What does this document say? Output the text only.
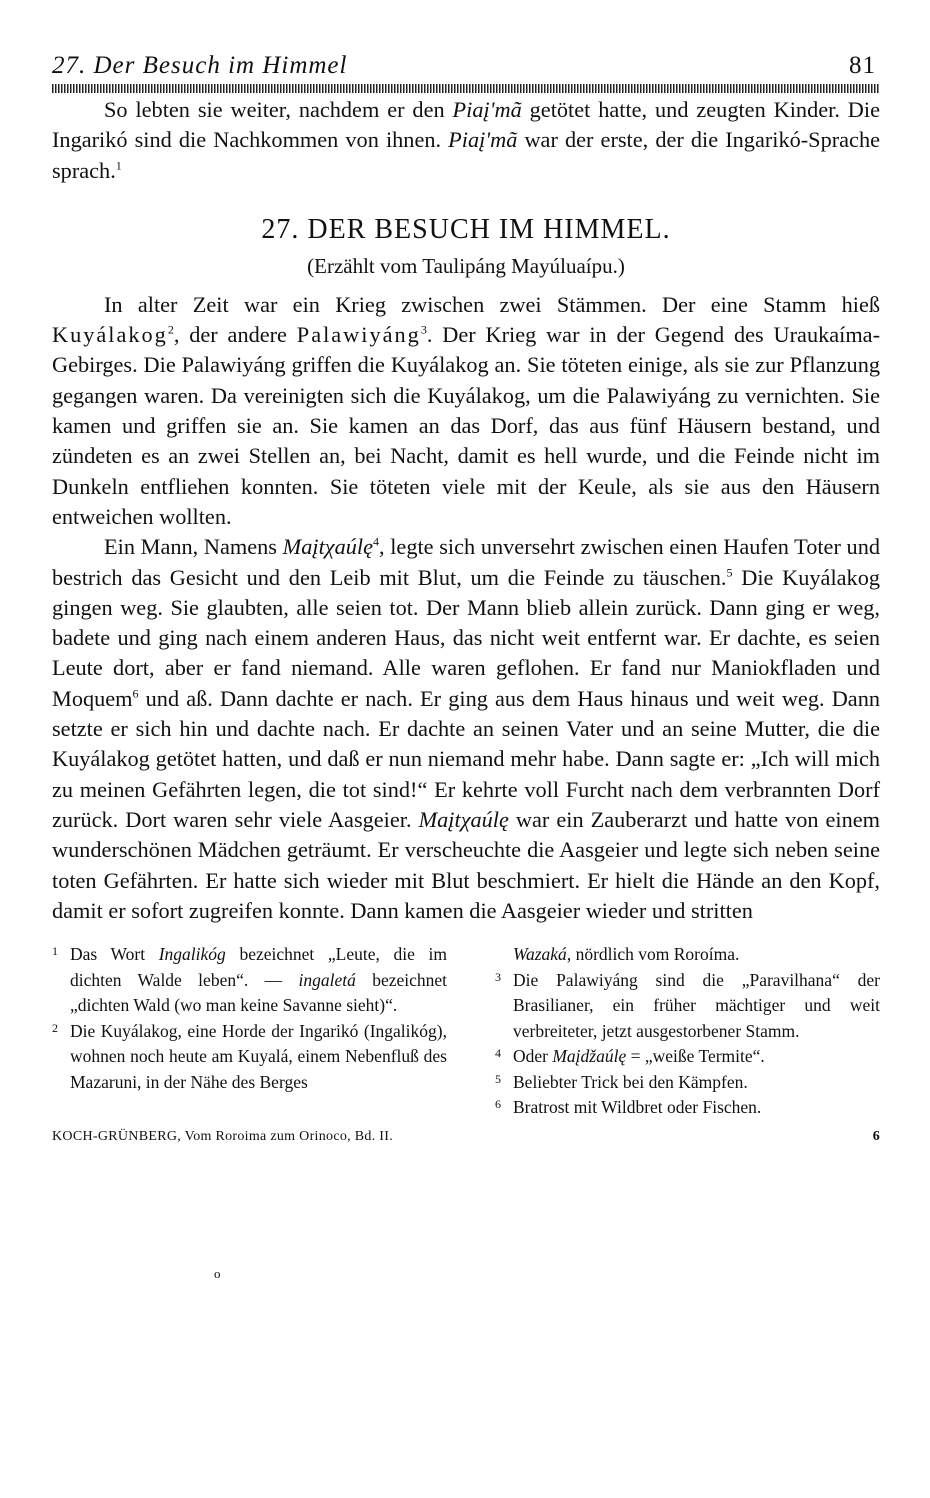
27. Der Besuch im Himmel	81

So lebten sie weiter, nachdem er den Piaį'mã getötet hatte, und zeugten Kinder. Die Ingarikó sind die Nachkommen von ihnen. Piaį'mã war der erste, der die Ingarikó-Sprache sprach.$^1$

27. DER BESUCH IM HIMMEL.
(Erzählt vom Taulipáng Mayúluaípu.)

In alter Zeit war ein Krieg zwischen zwei Stämmen. Der eine Stamm hieß Kuyálakog$^2$, der andere Palawiyáng$^3$. Der Krieg war in der Gegend des Uraukaíma-Gebirges. Die Palawiyáng griffen die Kuyálakog an. Sie töteten einige, als sie zur Pflanzung gegangen waren. Da vereinigten sich die Kuyálakog, um die Palawiyáng zu vernichten. Sie kamen und griffen sie an. Sie kamen an das Dorf, das aus fünf Häusern bestand, und zündeten es an zwei Stellen an, bei Nacht, damit es hell wurde, und die Feinde nicht im Dunkeln entfliehen konnten. Sie töteten viele mit der Keule, als sie aus den Häusern entweichen wollten.

Ein Mann, Namens Maįtχaúlę$^4$, legte sich unversehrt zwischen einen Haufen Toter und bestrich das Gesicht und den Leib mit Blut, um die Feinde zu täuschen.$^5$ Die Kuyálakog gingen weg. Sie glaubten, alle seien tot. Der Mann blieb allein zurück. Dann ging er weg, badete und ging nach einem anderen Haus, das nicht weit entfernt war. Er dachte, es seien Leute dort, aber er fand niemand. Alle waren geflohen. Er fand nur Maniokfladen und Moquem$^6$ und aß. Dann dachte er nach. Er ging aus dem Haus hinaus und weit weg. Dann setzte er sich hin und dachte nach. Er dachte an seinen Vater und an seine Mutter, die die Kuyálakog getötet hatten, und daß er nun niemand mehr habe. Dann sagte er: „Ich will mich zu meinen Gefährten legen, die tot sind!“ Er kehrte voll Furcht nach dem verbrannten Dorf zurück. Dort waren sehr viele Aasgeier. Maįtχaúlę war ein Zauberarzt und hatte von einem wunderschönen Mädchen geträumt. Er verscheuchte die Aasgeier und legte sich neben seine toten Gefährten. Er hatte sich wieder mit Blut beschmiert. Er hielt die Hände an den Kopf, damit er sofort zugreifen konnte. Dann kamen die Aasgeier wieder und stritten

1 Das Wort Ingalikóg bezeichnet „Leute, die im dichten Walde leben“. — ingaletá bezeichnet „dichten Wald (wo man keine Savanne sieht)“.
2 Die Kuyálakog, eine Horde der Ingarikó (Ingalikóg), wohnen noch heute am Kuyalá, einem Nebenfluß des Mazaruni, in der Nähe des Berges
Wazaká, nördlich vom Roroíma.
3 Die Palawiyáng sind die „Paravilhana“ der Brasilianer, ein früher mächtiger und weit verbreiteter, jetzt ausgestorbener Stamm.
4 Oder Maįdžaúlę = „weiße Termite“.
5 Beliebter Trick bei den Kämpfen.
6 Bratrost mit Wildbret oder Fischen.
KOCH-GRÜNBERG, Vom Roroima zum Orinoco, Bd. II.	6
o
